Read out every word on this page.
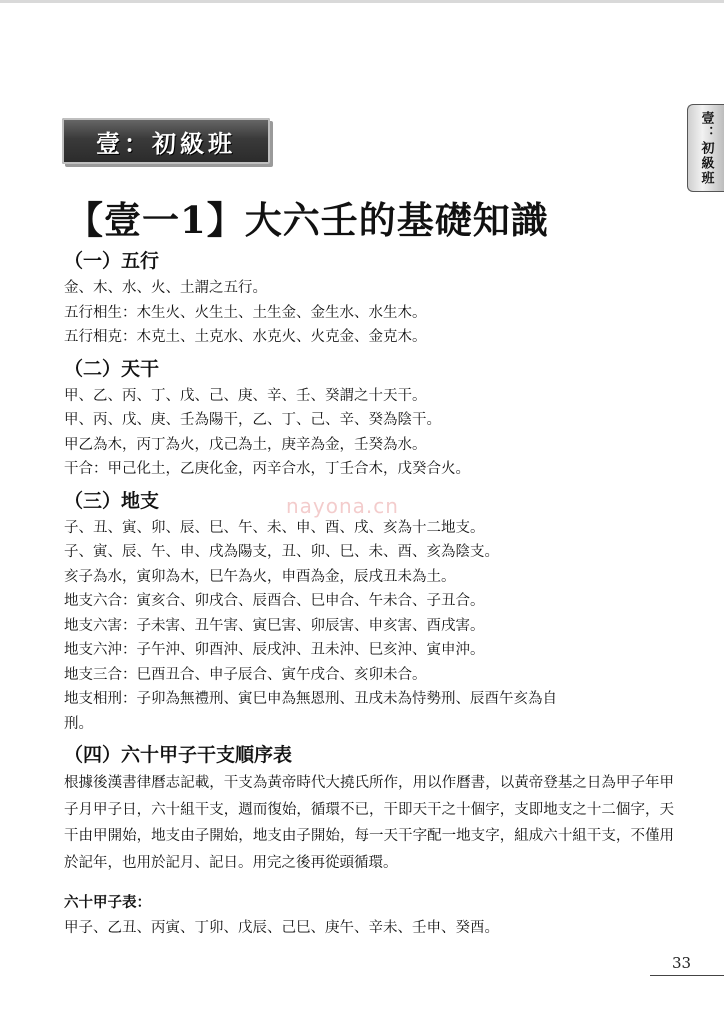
壹：初級班
壹：初級班
【壹一1】大六壬的基礎知識
（一）五行

金、木、水、火、土謂之五行。

五行相生：木生火、火生土、土生金、金生水、水生木。

五行相克：木克土、土克水、水克火、火克金、金克木。

（二）天干

甲、乙、丙、丁、戊、己、庚、辛、壬、癸謂之十天干。

甲、丙、戊、庚、壬為陽干，乙、丁、己、辛、癸為陰干。

甲乙為木，丙丁為火，戊己為土，庚辛為金，壬癸為水。

干合：甲己化土，乙庚化金，丙辛合水，丁壬合木，戊癸合火。

（三）地支

子、丑、寅、卯、辰、巳、午、未、申、酉、戌、亥為十二地支。

子、寅、辰、午、申、戌為陽支，丑、卯、巳、未、酉、亥為陰支。

亥子為水，寅卯為木，巳午為火，申酉為金，辰戌丑未為土。

地支六合：寅亥合、卯戌合、辰酉合、巳申合、午未合、子丑合。

地支六害：子未害、丑午害、寅巳害、卯辰害、申亥害、酉戌害。

地支六沖：子午沖、卯酉沖、辰戌沖、丑未沖、巳亥沖、寅申沖。

地支三合：巳酉丑合、申子辰合、寅午戌合、亥卯未合。

地支相刑：子卯為無禮刑、寅巳申為無恩刑、丑戌未為恃勢刑、辰酉午亥為自

刑。

（四）六十甲子干支順序表

根據後漢書律曆志記載，干支為黃帝時代大撓氏所作，用以作曆書，以黃帝登基之日為甲子年甲子月甲子日，六十組干支，週而復始，循環不已，干即天干之十個字，支即地支之十二個字，天干由甲開始，地支由子開始，地支由子開始，每一天干字配一地支字，組成六十組干支，不僅用於記年，也用於記月、記日。用完之後再從頭循環。

六十甲子表：

甲子、乙丑、丙寅、丁卯、戊辰、己巳、庚午、辛未、壬申、癸酉。

nayona.cn
33
